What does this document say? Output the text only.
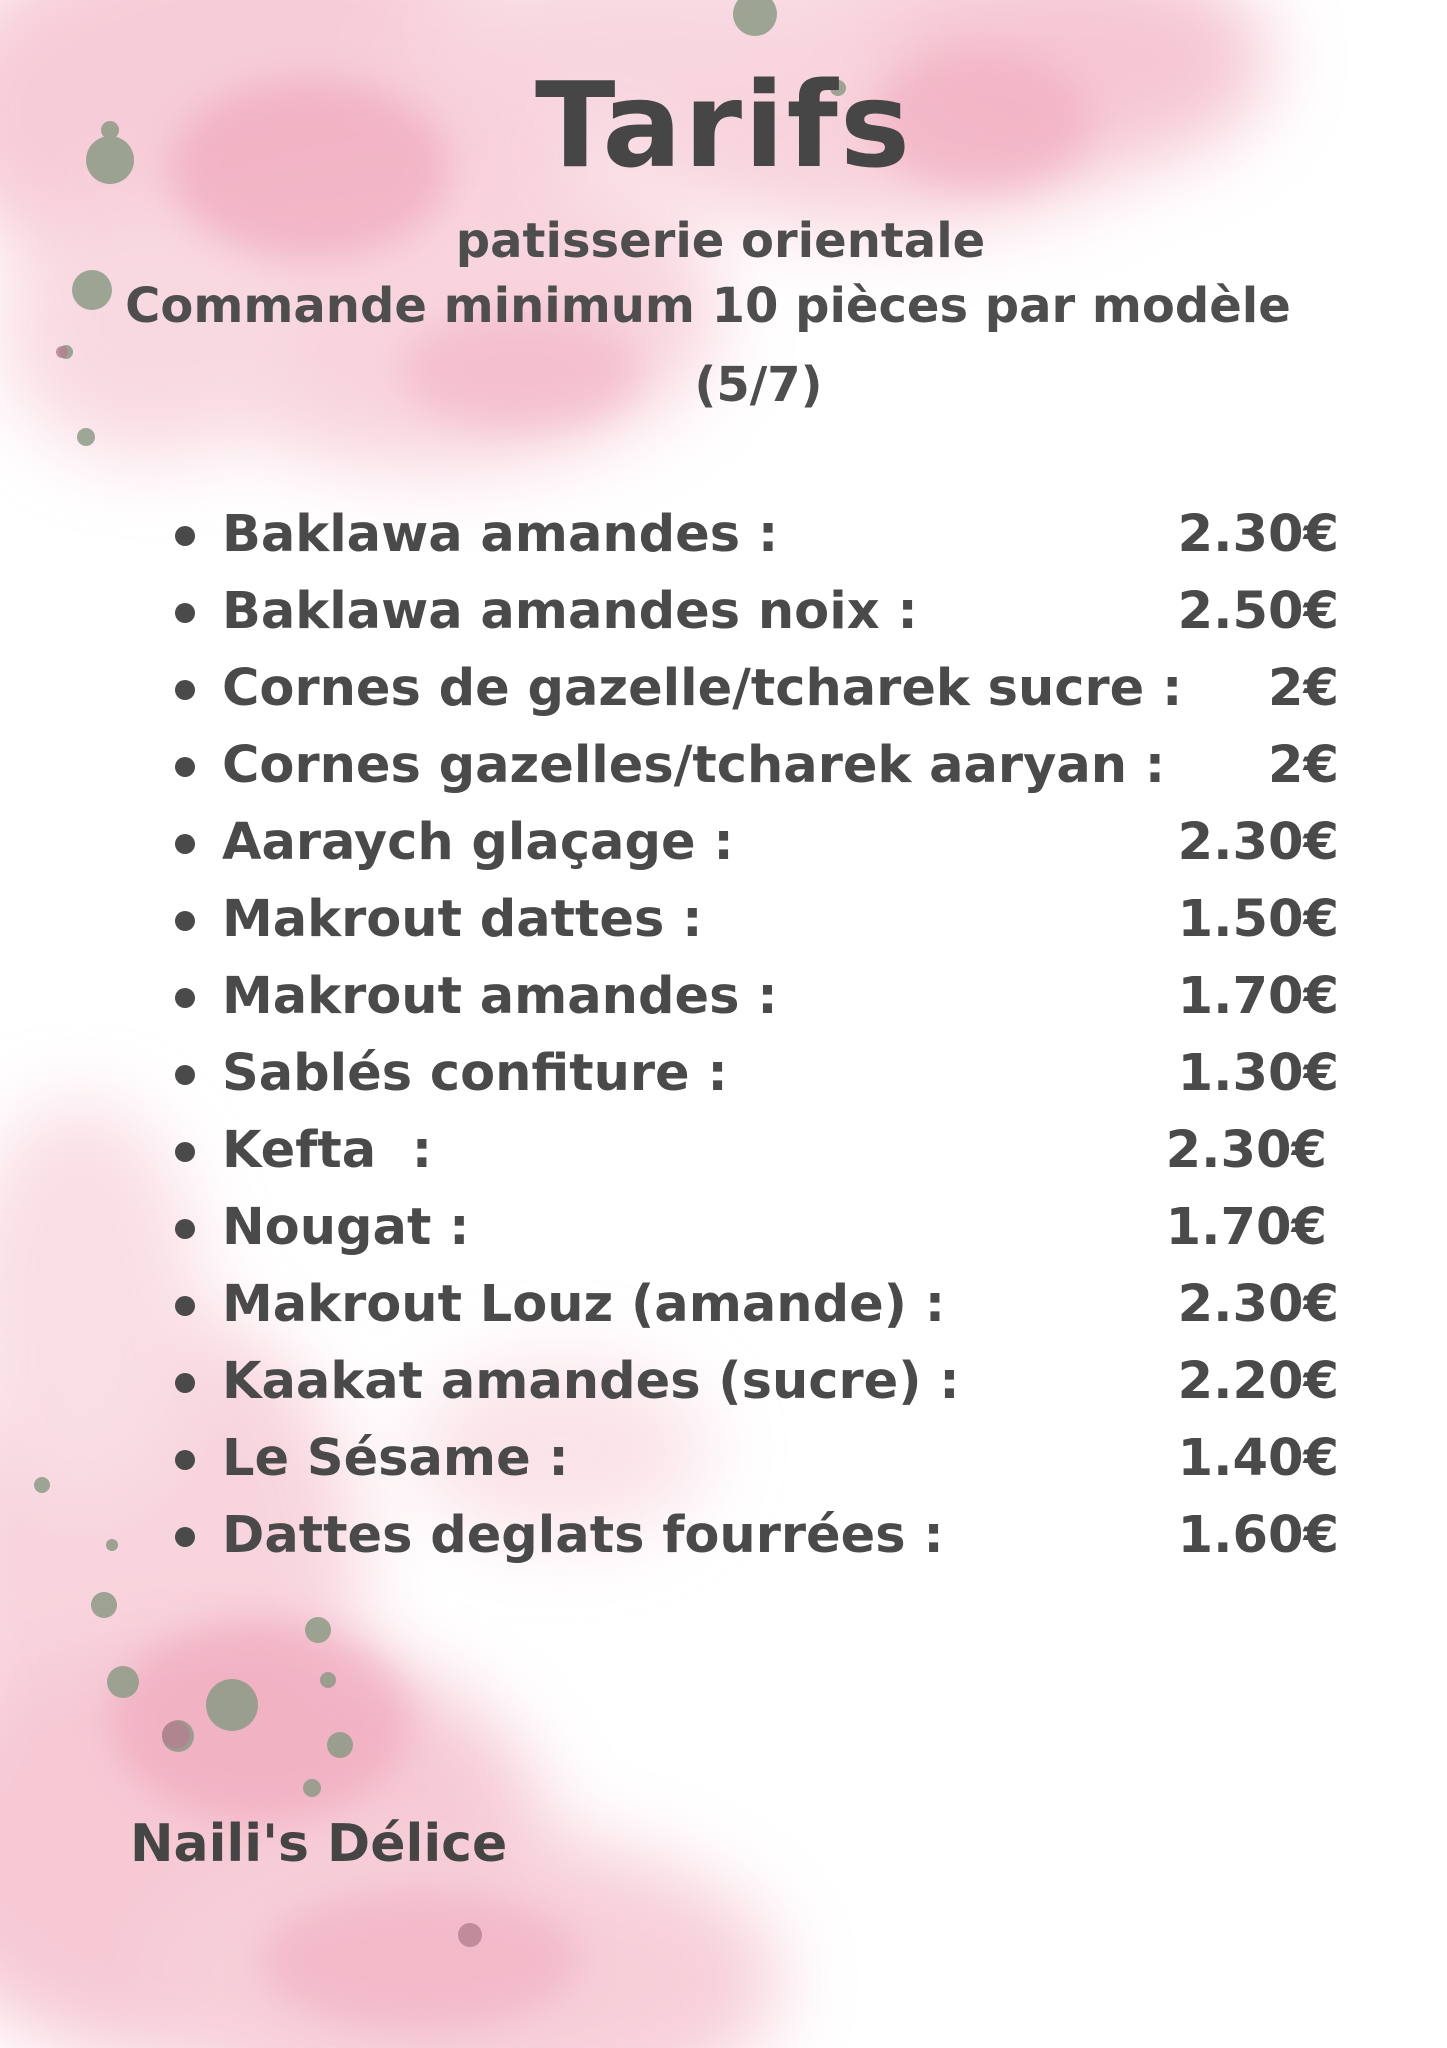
Tarifs
patisserie orientale
Commande minimum 10 pièces par modèle
(5/7)
Baklawa amandes :	2.30€
Baklawa amandes noix :	2.50€
Cornes de gazelle/tcharek sucre : 2€
Cornes gazelles/tcharek aaryan : 2€
Aaraych glaçage :	2.30€
Makrout dattes :	1.50€
Makrout amandes :	1.70€
Sablés confiture :	1.30€
Kefta  :	2.30€
Nougat :	1.70€
Makrout Louz (amande) :	2.30€
Kaakat amandes (sucre) :	2.20€
Le Sésame :	1.40€
Dattes deglats fourrées :	1.60€
Naili's Délice
